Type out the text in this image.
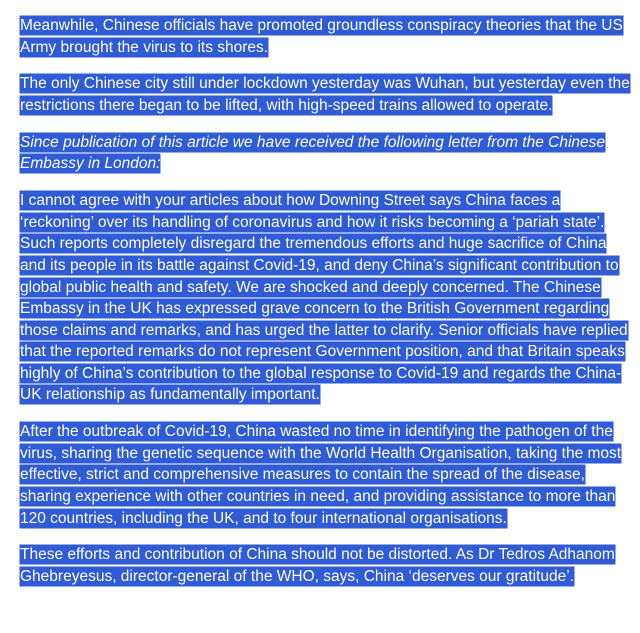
Meanwhile, Chinese officials have promoted groundless conspiracy theories that the US Army brought the virus to its shores.

The only Chinese city still under lockdown yesterday was Wuhan, but yesterday even the restrictions there began to be lifted, with high-speed trains allowed to operate.

Since publication of this article we have received the following letter from the Chinese Embassy in London:

I cannot agree with your articles about how Downing Street says China faces a ‘reckoning’ over its handling of coronavirus and how it risks becoming a ‘pariah state’. Such reports completely disregard the tremendous efforts and huge sacrifice of China and its people in its battle against Covid-19, and deny China’s significant contribution to global public health and safety. We are shocked and deeply concerned. The Chinese Embassy in the UK has expressed grave concern to the British Government regarding those claims and remarks, and has urged the latter to clarify. Senior officials have replied that the reported remarks do not represent Government position, and that Britain speaks highly of China’s contribution to the global response to Covid-19 and regards the China-UK relationship as fundamentally important.

After the outbreak of Covid-19, China wasted no time in identifying the pathogen of the virus, sharing the genetic sequence with the World Health Organisation, taking the most effective, strict and comprehensive measures to contain the spread of the disease, sharing experience with other countries in need, and providing assistance to more than 120 countries, including the UK, and to four international organisations.

These efforts and contribution of China should not be distorted. As Dr Tedros Adhanom Ghebreyesus, director-general of the WHO, says, China ‘deserves our gratitude’.
